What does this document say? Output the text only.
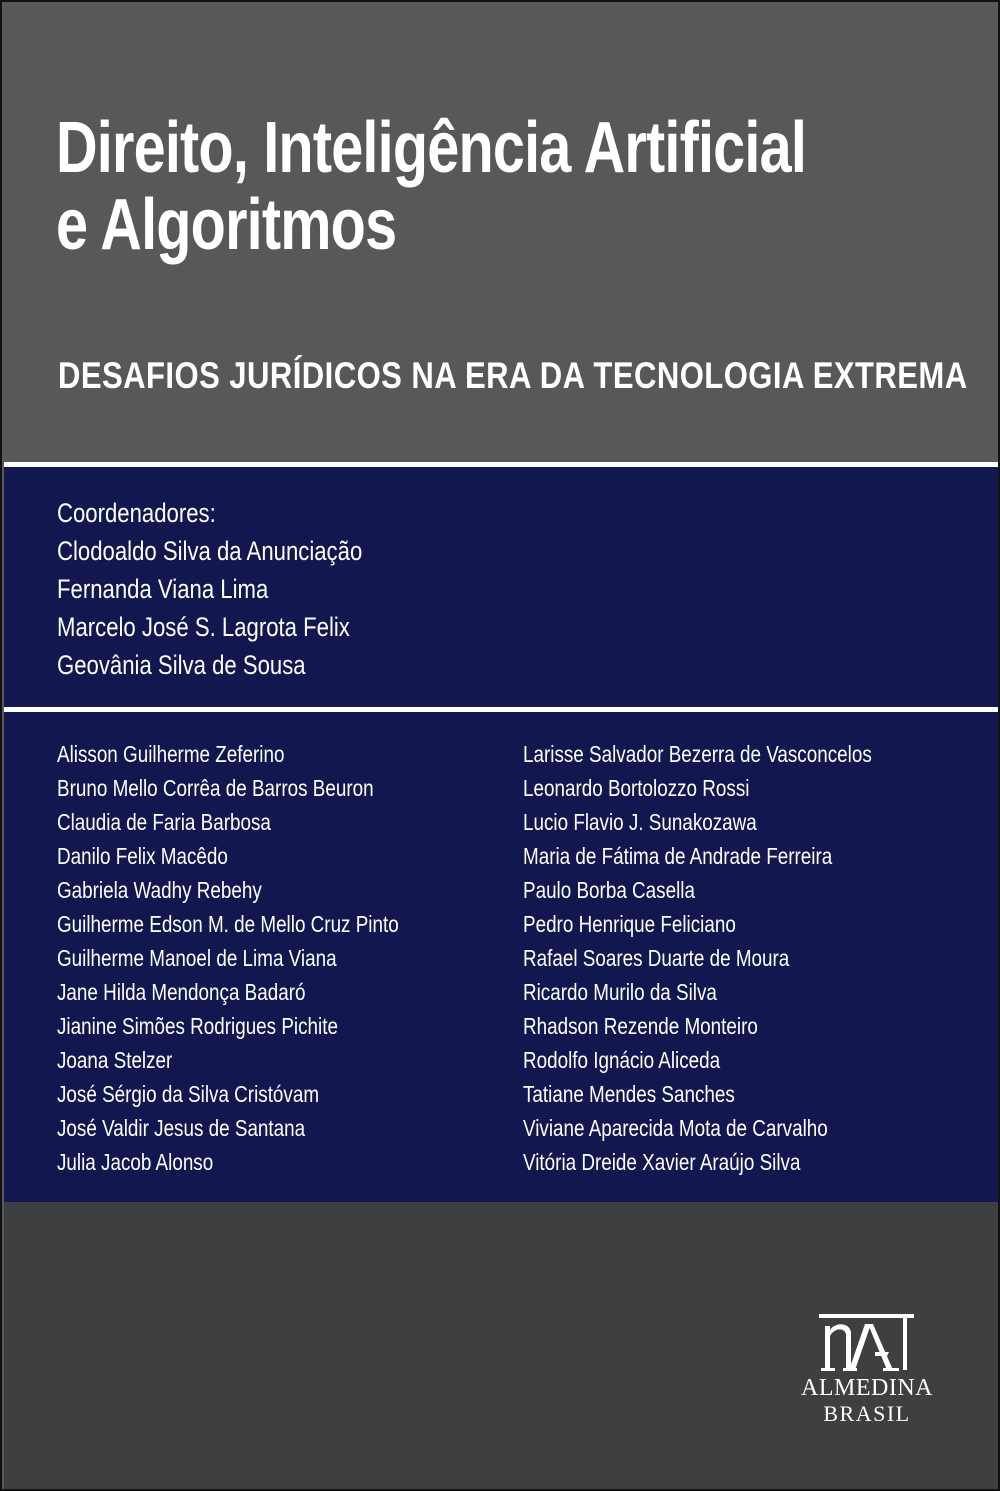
Direito, Inteligência Artificial
e Algoritmos
DESAFIOS JURÍDICOS NA ERA DA TECNOLOGIA EXTREMA
Coordenadores:
Clodoaldo Silva da Anunciação
Fernanda Viana Lima
Marcelo José S. Lagrota Felix
Geovânia Silva de Sousa
Alisson Guilherme Zeferino
Bruno Mello Corrêa de Barros Beuron
Claudia de Faria Barbosa
Danilo Felix Macêdo
Gabriela Wadhy Rebehy
Guilherme Edson M. de Mello Cruz Pinto
Guilherme Manoel de Lima Viana
Jane Hilda Mendonça Badaró
Jianine Simões Rodrigues Pichite
Joana Stelzer
José Sérgio da Silva Cristóvam
José Valdir Jesus de Santana
Julia Jacob Alonso
Larisse Salvador Bezerra de Vasconcelos
Leonardo Bortolozzo Rossi
Lucio Flavio J. Sunakozawa
Maria de Fátima de Andrade Ferreira
Paulo Borba Casella
Pedro Henrique Feliciano
Rafael Soares Duarte de Moura
Ricardo Murilo da Silva
Rhadson Rezende Monteiro
Rodolfo Ignácio Aliceda
Tatiane Mendes Sanches
Viviane Aparecida Mota de Carvalho
Vitória Dreide Xavier Araújo Silva
ALMEDINA
BRASIL
